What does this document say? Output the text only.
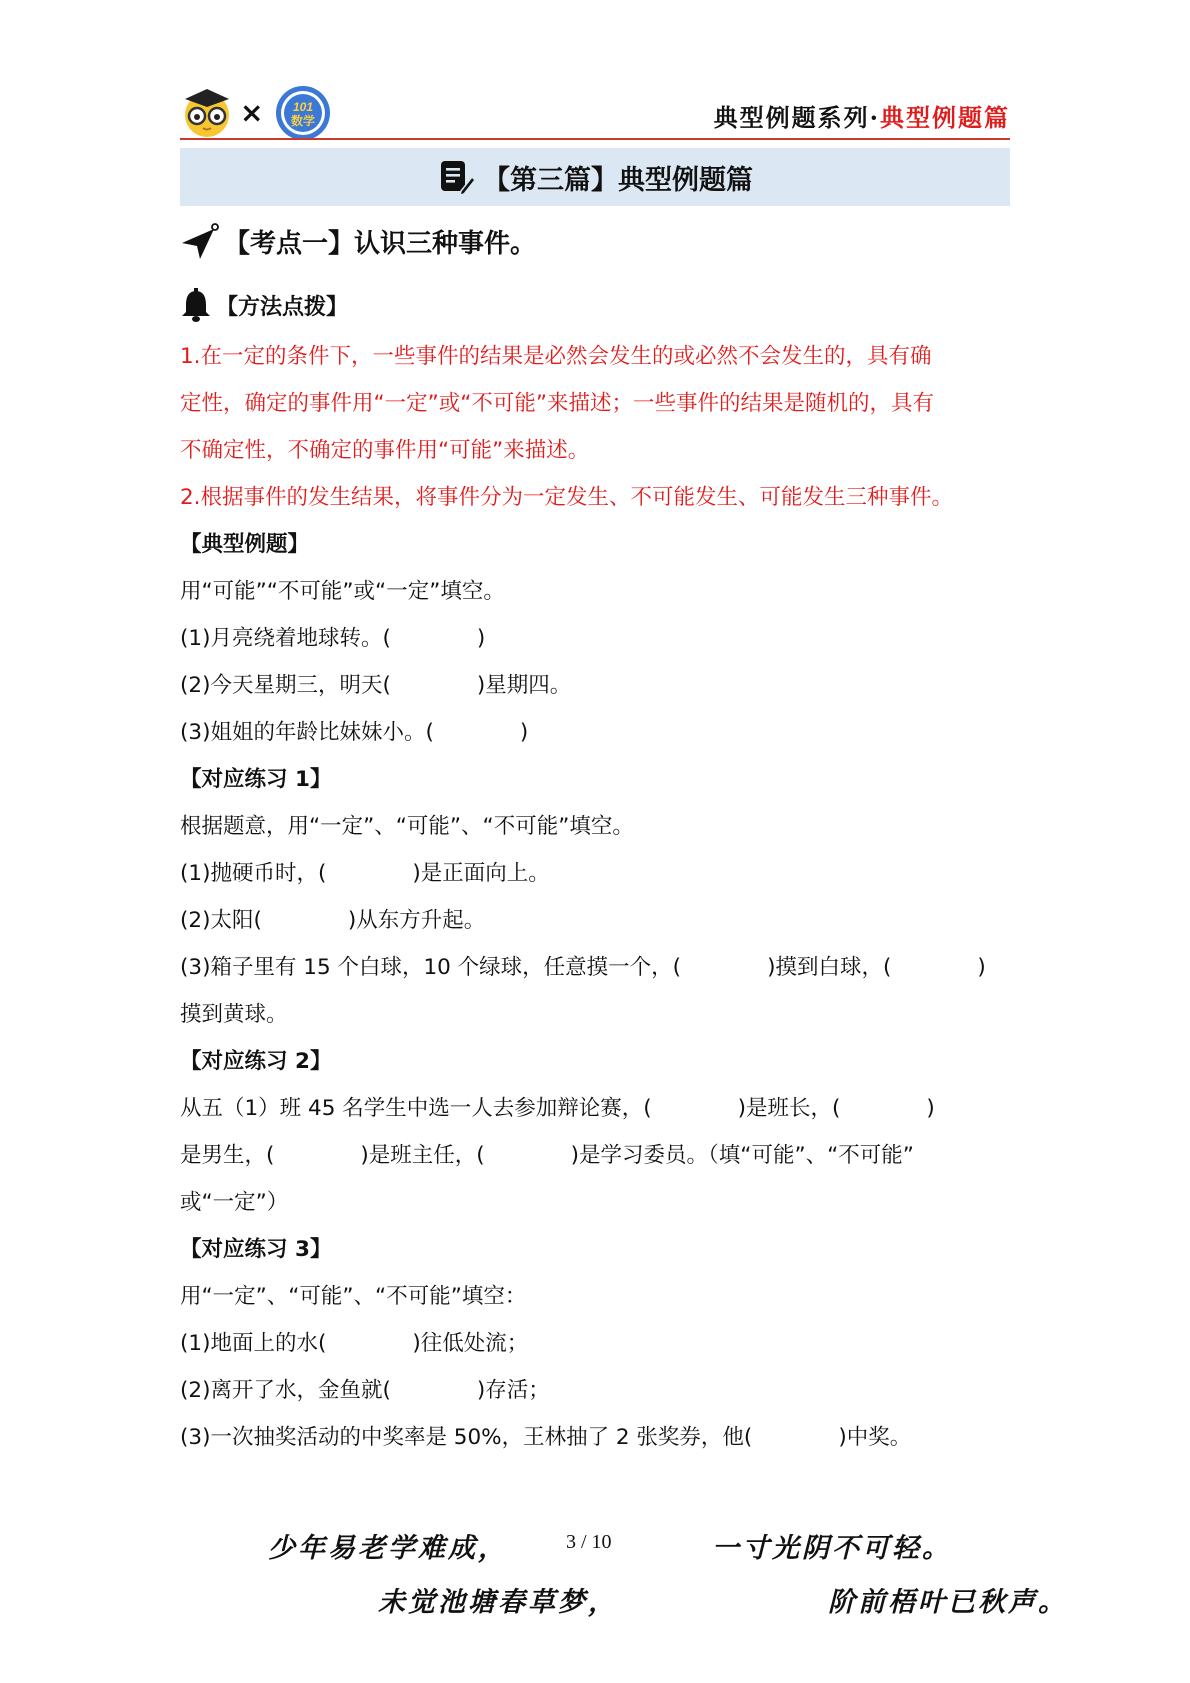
× 101
数学	典型例题系列·典型例题篇
【第三篇】典型例题篇
【考点一】认识三种事件。
【方法点拨】
1.在一定的条件下，一些事件的结果是必然会发生的或必然不会发生的，具有确
定性，确定的事件用“一定”或“不可能”来描述；一些事件的结果是随机的，具有
不确定性，不确定的事件用“可能”来描述。
2.根据事件的发生结果，将事件分为一定发生、不可能发生、可能发生三种事件。
【典型例题】
用“可能”“不可能”或“一定”填空。
(1)月亮绕着地球转。(　　　　)
(2)今天星期三，明天(　　　　)星期四。
(3)姐姐的年龄比妹妹小。(　　　　)
【对应练习 1】
根据题意，用“一定”、“可能”、“不可能”填空。
(1)抛硬币时，(　　　　)是正面向上。
(2)太阳(　　　　)从东方升起。
(3)箱子里有 15 个白球，10 个绿球，任意摸一个，(　　　　)摸到白球，(　　　　)
摸到黄球。
【对应练习 2】
从五（1）班 45 名学生中选一人去参加辩论赛，(　　　　)是班长，(　　　　)
是男生，(　　　　)是班主任，(　　　　)是学习委员。（填“可能”、“不可能”
或“一定”）
【对应练习 3】
用“一定”、“可能”、“不可能”填空：
(1)地面上的水(　　　　)往低处流；
(2)离开了水，金鱼就(　　　　)存活；
(3)一次抽奖活动的中奖率是 50%，王林抽了 2 张奖券，他(　　　　)中奖。
少年易老学难成，	3 / 10	一寸光阴不可轻。
未觉池塘春草梦，	阶前梧叶已秋声。
